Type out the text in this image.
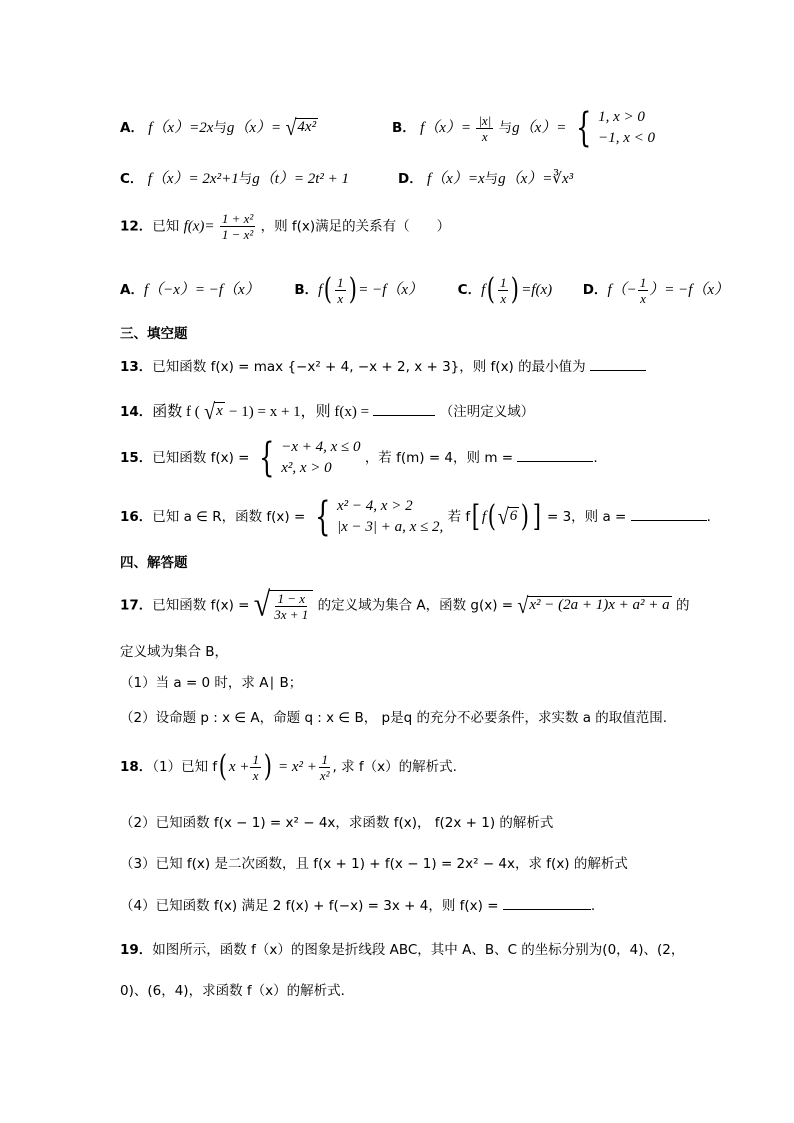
A． f（x）=2x与g（x）= √ 4x²	B． $f(x)= \frac{|x|}{x}$ 与g（x）= { 1, x > 0
−1, x < 0
C． f（x）= 2x²+1与g（t）= 2t² + 1	D． f（x）=x与g（x）=∛x³
12．已知 $f(x)= \frac{\text{1 + x²}}{\text{1 − x²}}$ ，则 f(x)满足的关系有（　　）
A．f（−x）= −f（x）	B．$f( \frac{1}{x}$ ) = −f（x）	C．$f( \frac{1}{x}$ ) =f(x) D．$f(- \frac{1}{x}$ ）= −f（x）
三、填空题
13．已知函数 f(x) = max {−x² + 4, −x + 2, x + 3}，则 f(x) 的最小值为
14．函数 f ( √ x − 1) = x + 1，则 f(x) =	（注明定义域）
15．已知函数 f(x) = { −x + 4, x ≤ 0
x², x > 0
，若 f(m) = 4，则 m =	.
16．已知 a ∈ R，函数 f(x) = { x² − 4, x > 2
|x − 3| + a, x ≤ 2,
若 f[ f( √ 6 ) ] = 3，则 a =	.
四、解答题
17．已知函数 f(x) = √ $\frac{1 - x}{3x + 1}$ 的定义域为集合 A，函数 g(x) = √ x² − (2a + 1)x + a² + a 的
定义域为集合 B，
（1）当 a = 0 时，求 A∣ B；
（2）设命题 p : x ∈ A，命题 q : x ∈ B， p是q 的充分不必要条件，求实数 a 的取值范围.
18．（1）已知 f( $x + \frac{1}{x}$ ) = $x^2 + \frac{1}{\text{x²}}$ , 求 f（x）的解析式.
（2）已知函数 f(x − 1) = x² − 4x，求函数 f(x)， f(2x + 1) 的解析式
（3）已知 f(x) 是二次函数，且 f(x + 1) + f(x − 1) = 2x² − 4x，求 f(x) 的解析式
（4）已知函数 f(x) 满足 2 f(x) + f(−x) = 3x + 4，则 f(x) =	.
19．如图所示，函数 f（x）的图象是折线段 ABC，其中 A、B、C 的坐标分别为(0，4)、(2，
0)、(6，4)，求函数 f（x）的解析式．
